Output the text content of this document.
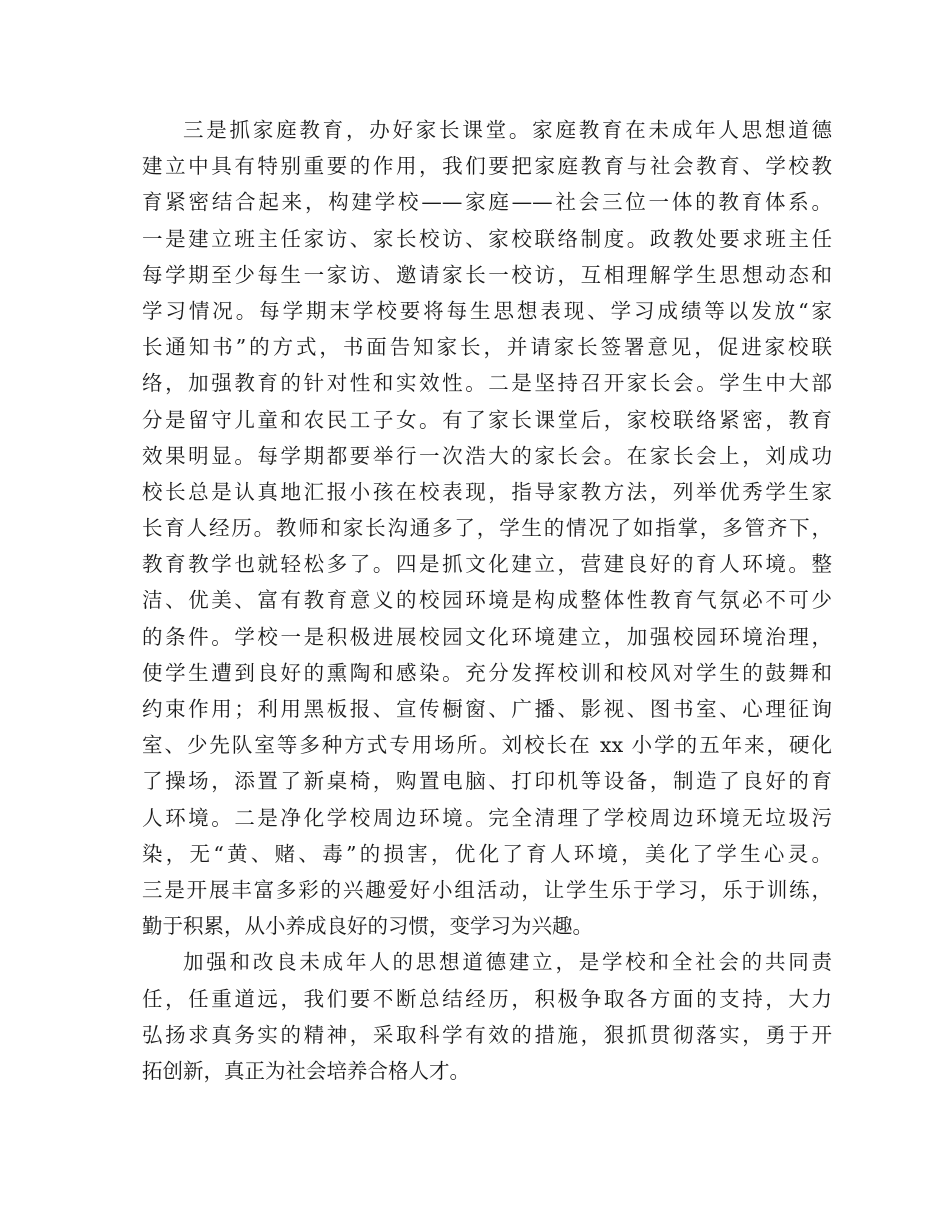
三是抓家庭教育，办好家长课堂。家庭教育在未成年人思想道德
建立中具有特别重要的作用，我们要把家庭教育与社会教育、学校教
育紧密结合起来，构建学校——家庭——社会三位一体的教育体系。
一是建立班主任家访、家长校访、家校联络制度。政教处要求班主任
每学期至少每生一家访、邀请家长一校访，互相理解学生思想动态和
学习情况。每学期末学校要将每生思想表现、学习成绩等以发放“家
长通知书”的方式，书面告知家长，并请家长签署意见，促进家校联
络，加强教育的针对性和实效性。二是坚持召开家长会。学生中大部
分是留守儿童和农民工子女。有了家长课堂后，家校联络紧密，教育
效果明显。每学期都要举行一次浩大的家长会。在家长会上，刘成功
校长总是认真地汇报小孩在校表现，指导家教方法，列举优秀学生家
长育人经历。教师和家长沟通多了，学生的情况了如指掌，多管齐下，
教育教学也就轻松多了。四是抓文化建立，营建良好的育人环境。整
洁、优美、富有教育意义的校园环境是构成整体性教育气氛必不可少
的条件。学校一是积极进展校园文化环境建立，加强校园环境治理，
使学生遭到良好的熏陶和感染。充分发挥校训和校风对学生的鼓舞和
约束作用；利用黑板报、宣传橱窗、广播、影视、图书室、心理征询
室、少先队室等多种方式专用场所。刘校长在 xx 小学的五年来，硬化
了操场，添置了新桌椅，购置电脑、打印机等设备，制造了良好的育
人环境。二是净化学校周边环境。完全清理了学校周边环境无垃圾污
染，无“黄、赌、毒”的损害，优化了育人环境，美化了学生心灵。
三是开展丰富多彩的兴趣爱好小组活动，让学生乐于学习，乐于训练，
勤于积累，从小养成良好的习惯，变学习为兴趣。
加强和改良未成年人的思想道德建立，是学校和全社会的共同责
任，任重道远，我们要不断总结经历，积极争取各方面的支持，大力
弘扬求真务实的精神，采取科学有效的措施，狠抓贯彻落实，勇于开
拓创新，真正为社会培养合格人才。
